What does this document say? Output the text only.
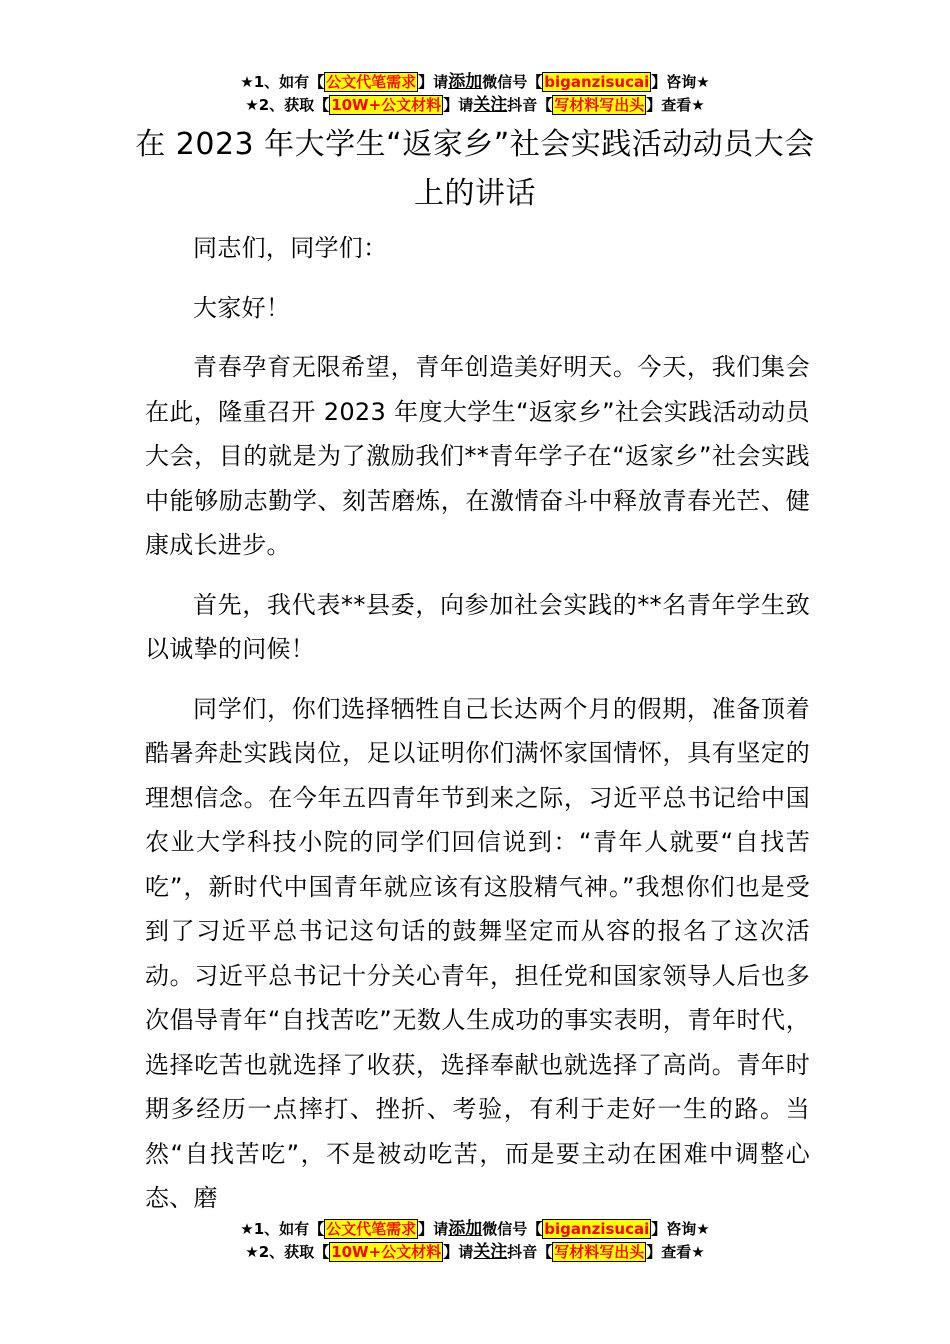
★1、如有【 公文代笔需求 】请添加微信号【 biganzisucai 】咨询★
★2、获取【 10W+公文材料 】请关注抖音【 写材料写出头 】查看★
在 2023 年大学生“返家乡”社会实践活动动员大会上的讲话

同志们，同学们：

大家好！

青春孕育无限希望，青年创造美好明天。今天，我们集会在此，隆重召开 2023 年度大学生“返家乡”社会实践活动动员大会，目的就是为了激励我们**青年学子在“返家乡”社会实践中能够励志勤学、刻苦磨炼，在激情奋斗中释放青春光芒、健康成长进步。

首先，我代表**县委，向参加社会实践的**名青年学生致以诚挚的问候！

同学们，你们选择牺牲自己长达两个月的假期，准备顶着酷暑奔赴实践岗位，足以证明你们满怀家国情怀，具有坚定的理想信念。在今年五四青年节到来之际，习近平总书记给中国农业大学科技小院的同学们回信说到：“青年人就要“自找苦吃”，新时代中国青年就应该有这股精气神。”我想你们也是受到了习近平总书记这句话的鼓舞坚定而从容的报名了这次活动。习近平总书记十分关心青年，担任党和国家领导人后也多次倡导青年“自找苦吃”无数人生成功的事实表明，青年时代，选择吃苦也就选择了收获，选择奉献也就选择了高尚。青年时期多经历一点摔打、挫折、考验，有利于走好一生的路。当然“自找苦吃”，不是被动吃苦，而是要主动在困难中调整心态、磨

★1、如有【 公文代笔需求 】请添加微信号【 biganzisucai 】咨询★
★2、获取【 10W+公文材料 】请关注抖音【 写材料写出头 】查看★
